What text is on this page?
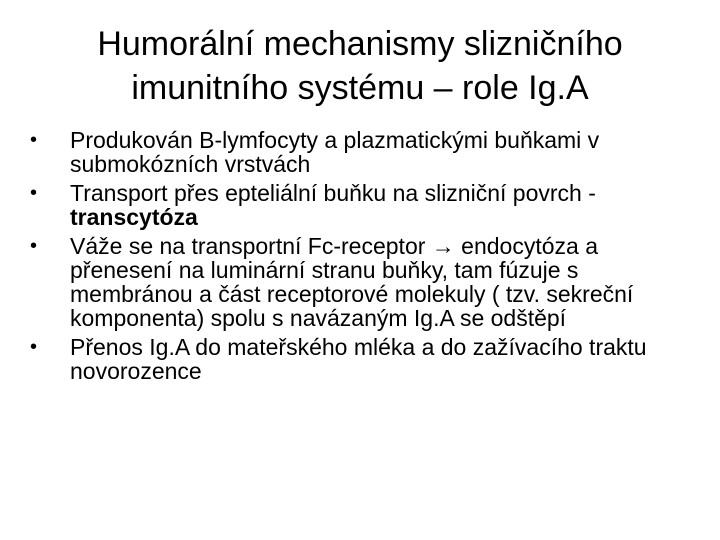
Humorální mechanismy slizničního
imunitního systému – role Ig.A
•	Produkován B-lymfocyty a plazmatickými buňkami v submokózních vrstvách
•	Transport přes epteliální buňku na slizniční povrch - transcytóza
•	Váže se na transportní Fc-receptor → endocytóza a přenesení na luminární stranu buňky, tam fúzuje s membránou a část receptorové molekuly ( tzv. sekreční komponenta) spolu s navázaným Ig.A se odštěpí
•	Přenos Ig.A do mateřského mléka a do zažívacího traktu novorozence
